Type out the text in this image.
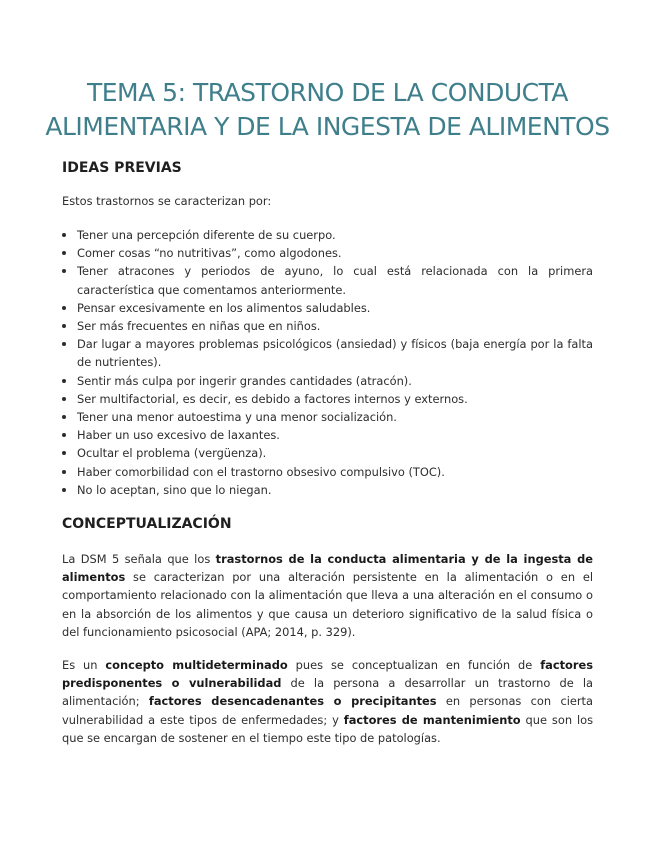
TEMA 5: TRASTORNO DE LA CONDUCTA
ALIMENTARIA Y DE LA INGESTA DE ALIMENTOS
IDEAS PREVIAS

Estos trastornos se caracterizan por:

Tener una percepción diferente de su cuerpo.
Comer cosas “no nutritivas”, como algodones.
Tener atracones y periodos de ayuno, lo cual está relacionada con la primera característica que comentamos anteriormente.
Pensar excesivamente en los alimentos saludables.
Ser más frecuentes en niñas que en niños.
Dar lugar a mayores problemas psicológicos (ansiedad) y físicos (baja energía por la falta de nutrientes).
Sentir más culpa por ingerir grandes cantidades (atracón).
Ser multifactorial, es decir, es debido a factores internos y externos.
Tener una menor autoestima y una menor socialización.
Haber un uso excesivo de laxantes.
Ocultar el problema (vergüenza).
Haber comorbilidad con el trastorno obsesivo compulsivo (TOC).
No lo aceptan, sino que lo niegan.
CONCEPTUALIZACIÓN

La DSM 5 señala que los trastornos de la conducta alimentaria y de la ingesta de alimentos se caracterizan por una alteración persistente en la alimentación o en el comportamiento relacionado con la alimentación que lleva a una alteración en el consumo o en la absorción de los alimentos y que causa un deterioro significativo de la salud física o del funcionamiento psicosocial (APA; 2014, p. 329).

Es un concepto multideterminado pues se conceptualizan en función de factores predisponentes o vulnerabilidad de la persona a desarrollar un trastorno de la alimentación; factores desencadenantes o precipitantes en personas con cierta vulnerabilidad a este tipos de enfermedades; y factores de mantenimiento que son los que se encargan de sostener en el tiempo este tipo de patologías.
